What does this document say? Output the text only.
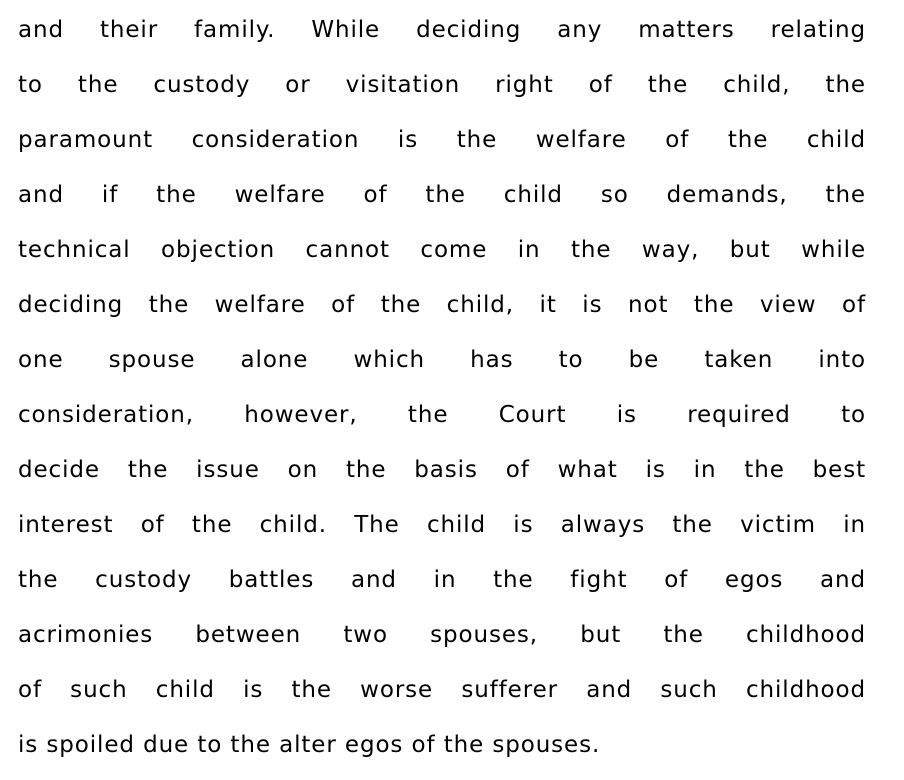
and their family. While deciding any matters relating
to the custody or visitation right of the child, the
paramount consideration is the welfare of the child
and if the welfare of the child so demands, the
technical objection cannot come in the way, but while
deciding the welfare of the child, it is not the view of
one spouse alone which has to be taken into
consideration, however, the Court is required to
decide the issue on the basis of what is in the best
interest of the child. The child is always the victim in
the custody battles and in the fight of egos and
acrimonies between two spouses, but the childhood
of such child is the worse sufferer and such childhood
is spoiled due to the alter egos of the spouses.
